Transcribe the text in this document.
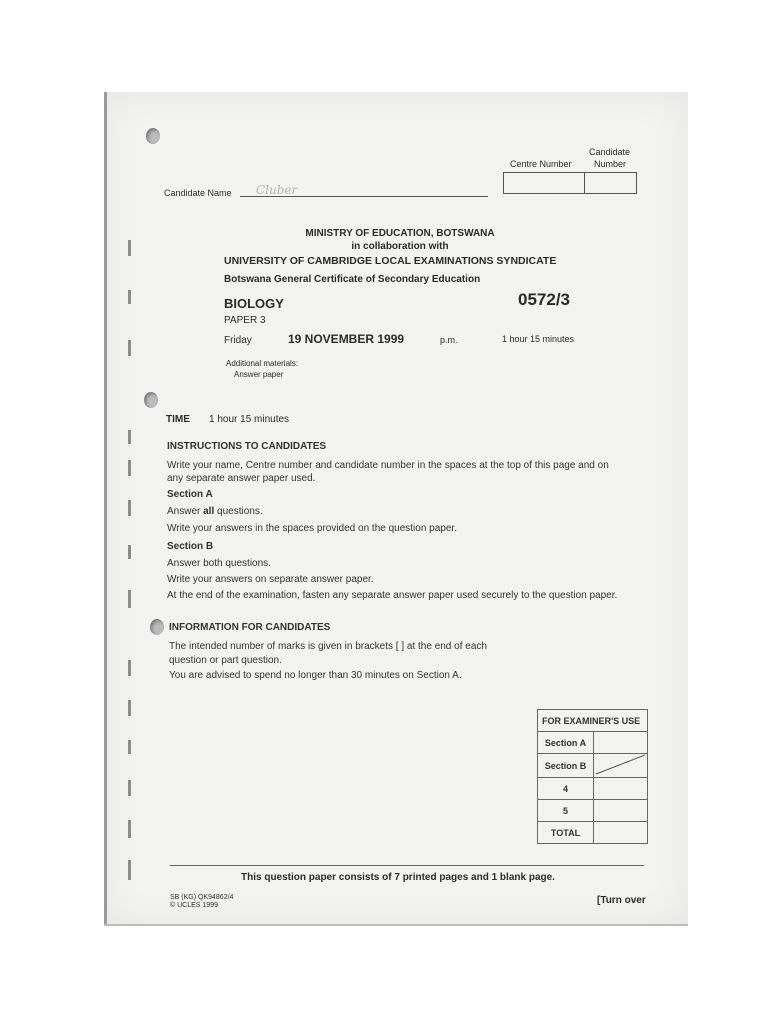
Candidate
Centre Number Number
Candidate Name Cluber
MINISTRY OF EDUCATION, BOTSWANA
in collaboration with
UNIVERSITY OF CAMBRIDGE LOCAL EXAMINATIONS SYNDICATE
Botswana General Certificate of Secondary Education
BIOLOGY	0572/3
PAPER 3
Friday	19 NOVEMBER 1999	p.m.	1 hour 15 minutes
Additional materials:
Answer paper
TIME 1 hour 15 minutes
INSTRUCTIONS TO CANDIDATES
Write your name, Centre number and candidate number in the spaces at the top of this page and on
any separate answer paper used.
Section A
Answer all questions.
Write your answers in the spaces provided on the question paper.
Section B
Answer both questions.
Write your answers on separate answer paper.
At the end of the examination, fasten any separate answer paper used securely to the question paper.
INFORMATION FOR CANDIDATES
The intended number of marks is given in brackets [ ] at the end of each
question or part question.
You are advised to spend no longer than 30 minutes on Section A.
FOR EXAMINER'S USE	
Section A	
Section B	
4	
5	
TOTAL	
This question paper consists of 7 printed pages and 1 blank page.
SB (KG) QK94862/4
© UCLES 1999	[Turn over
